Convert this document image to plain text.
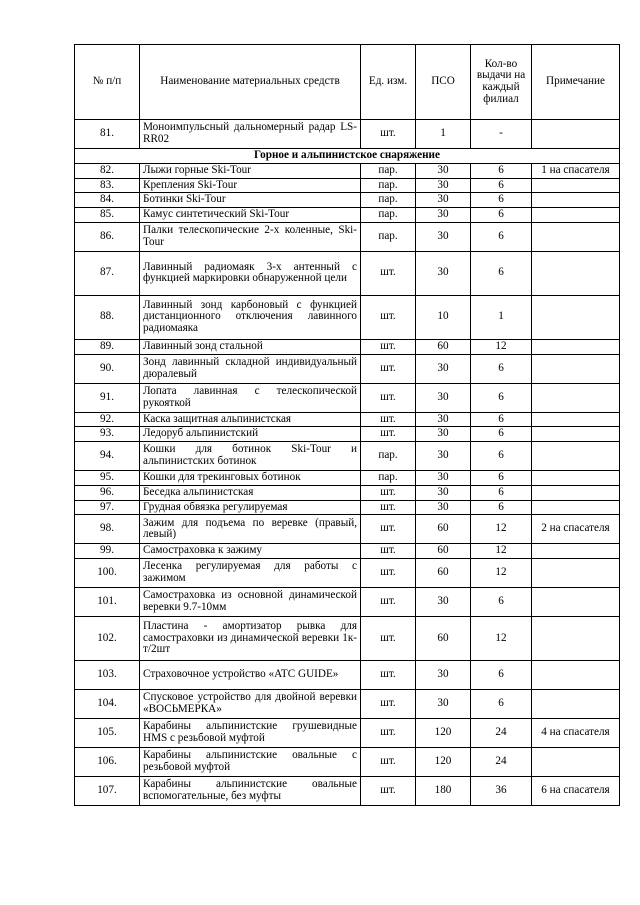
№ п/п	Наименование материальных средств	Ед. изм.	ПСО	Кол-во выдачи на каждый филиал	Примечание
81.	Моноимпульсный дальномерный радар LS-RR02	шт.	1	-	
Горное и альпинистское снаряжение					
82.	Лыжи горные Ski-Tour	пар.	30	6	1 на спасателя
83.	Крепления Ski-Tour	пар.	30	6	
84.	Ботинки Ski-Tour	пар.	30	6	
85.	Камус синтетический Ski-Tour	пар.	30	6	
86.	Палки телескопические 2-х коленные, Ski-Tour	пар.	30	6	
87.	Лавинный радиомаяк 3-х антенный с функцией маркировки обнаруженной цели	шт.	30	6	
88.	Лавинный зонд карбоновый с функцией дистанционного отключения лавинного радиомаяка	шт.	10	1	
89.	Лавинный зонд стальной	шт.	60	12	
90.	Зонд лавинный складной индивидуальный дюралевый	шт.	30	6	
91.	Лопата лавинная с телескопической рукояткой	шт.	30	6	
92.	Каска защитная альпинистская	шт.	30	6	
93.	Ледоруб альпинистский	шт.	30	6	
94.	Кошки для ботинок Ski-Tour и альпинистских ботинок	пар.	30	6	
95.	Кошки для трекинговых ботинок	пар.	30	6	
96.	Беседка альпинистская	шт.	30	6	
97.	Грудная обвязка регулируемая	шт.	30	6	
98.	Зажим для подъема по веревке (правый, левый)	шт.	60	12	2 на спасателя
99.	Самостраховка к зажиму	шт.	60	12	
100.	Лесенка регулируемая для работы с зажимом	шт.	60	12	
101.	Самостраховка из основной динамической веревки 9.7-10мм	шт.	30	6	
102.	Пластина - амортизатор рывка для самостраховки из динамической веревки 1к-т/2шт	шт.	60	12	
103.	Страховочное устройство «ATC GUIDE»	шт.	30	6	
104.	Спусковое устройство для двойной веревки «ВОСЬМЕРКА»	шт.	30	6	
105.	Карабины альпинистские грушевидные HMS с резьбовой муфтой	шт.	120	24	4 на спасателя
106.	Карабины альпинистские овальные с резьбовой муфтой	шт.	120	24	
107.	Карабины альпинистские овальные вспомогательные, без муфты	шт.	180	36	6 на спасателя
